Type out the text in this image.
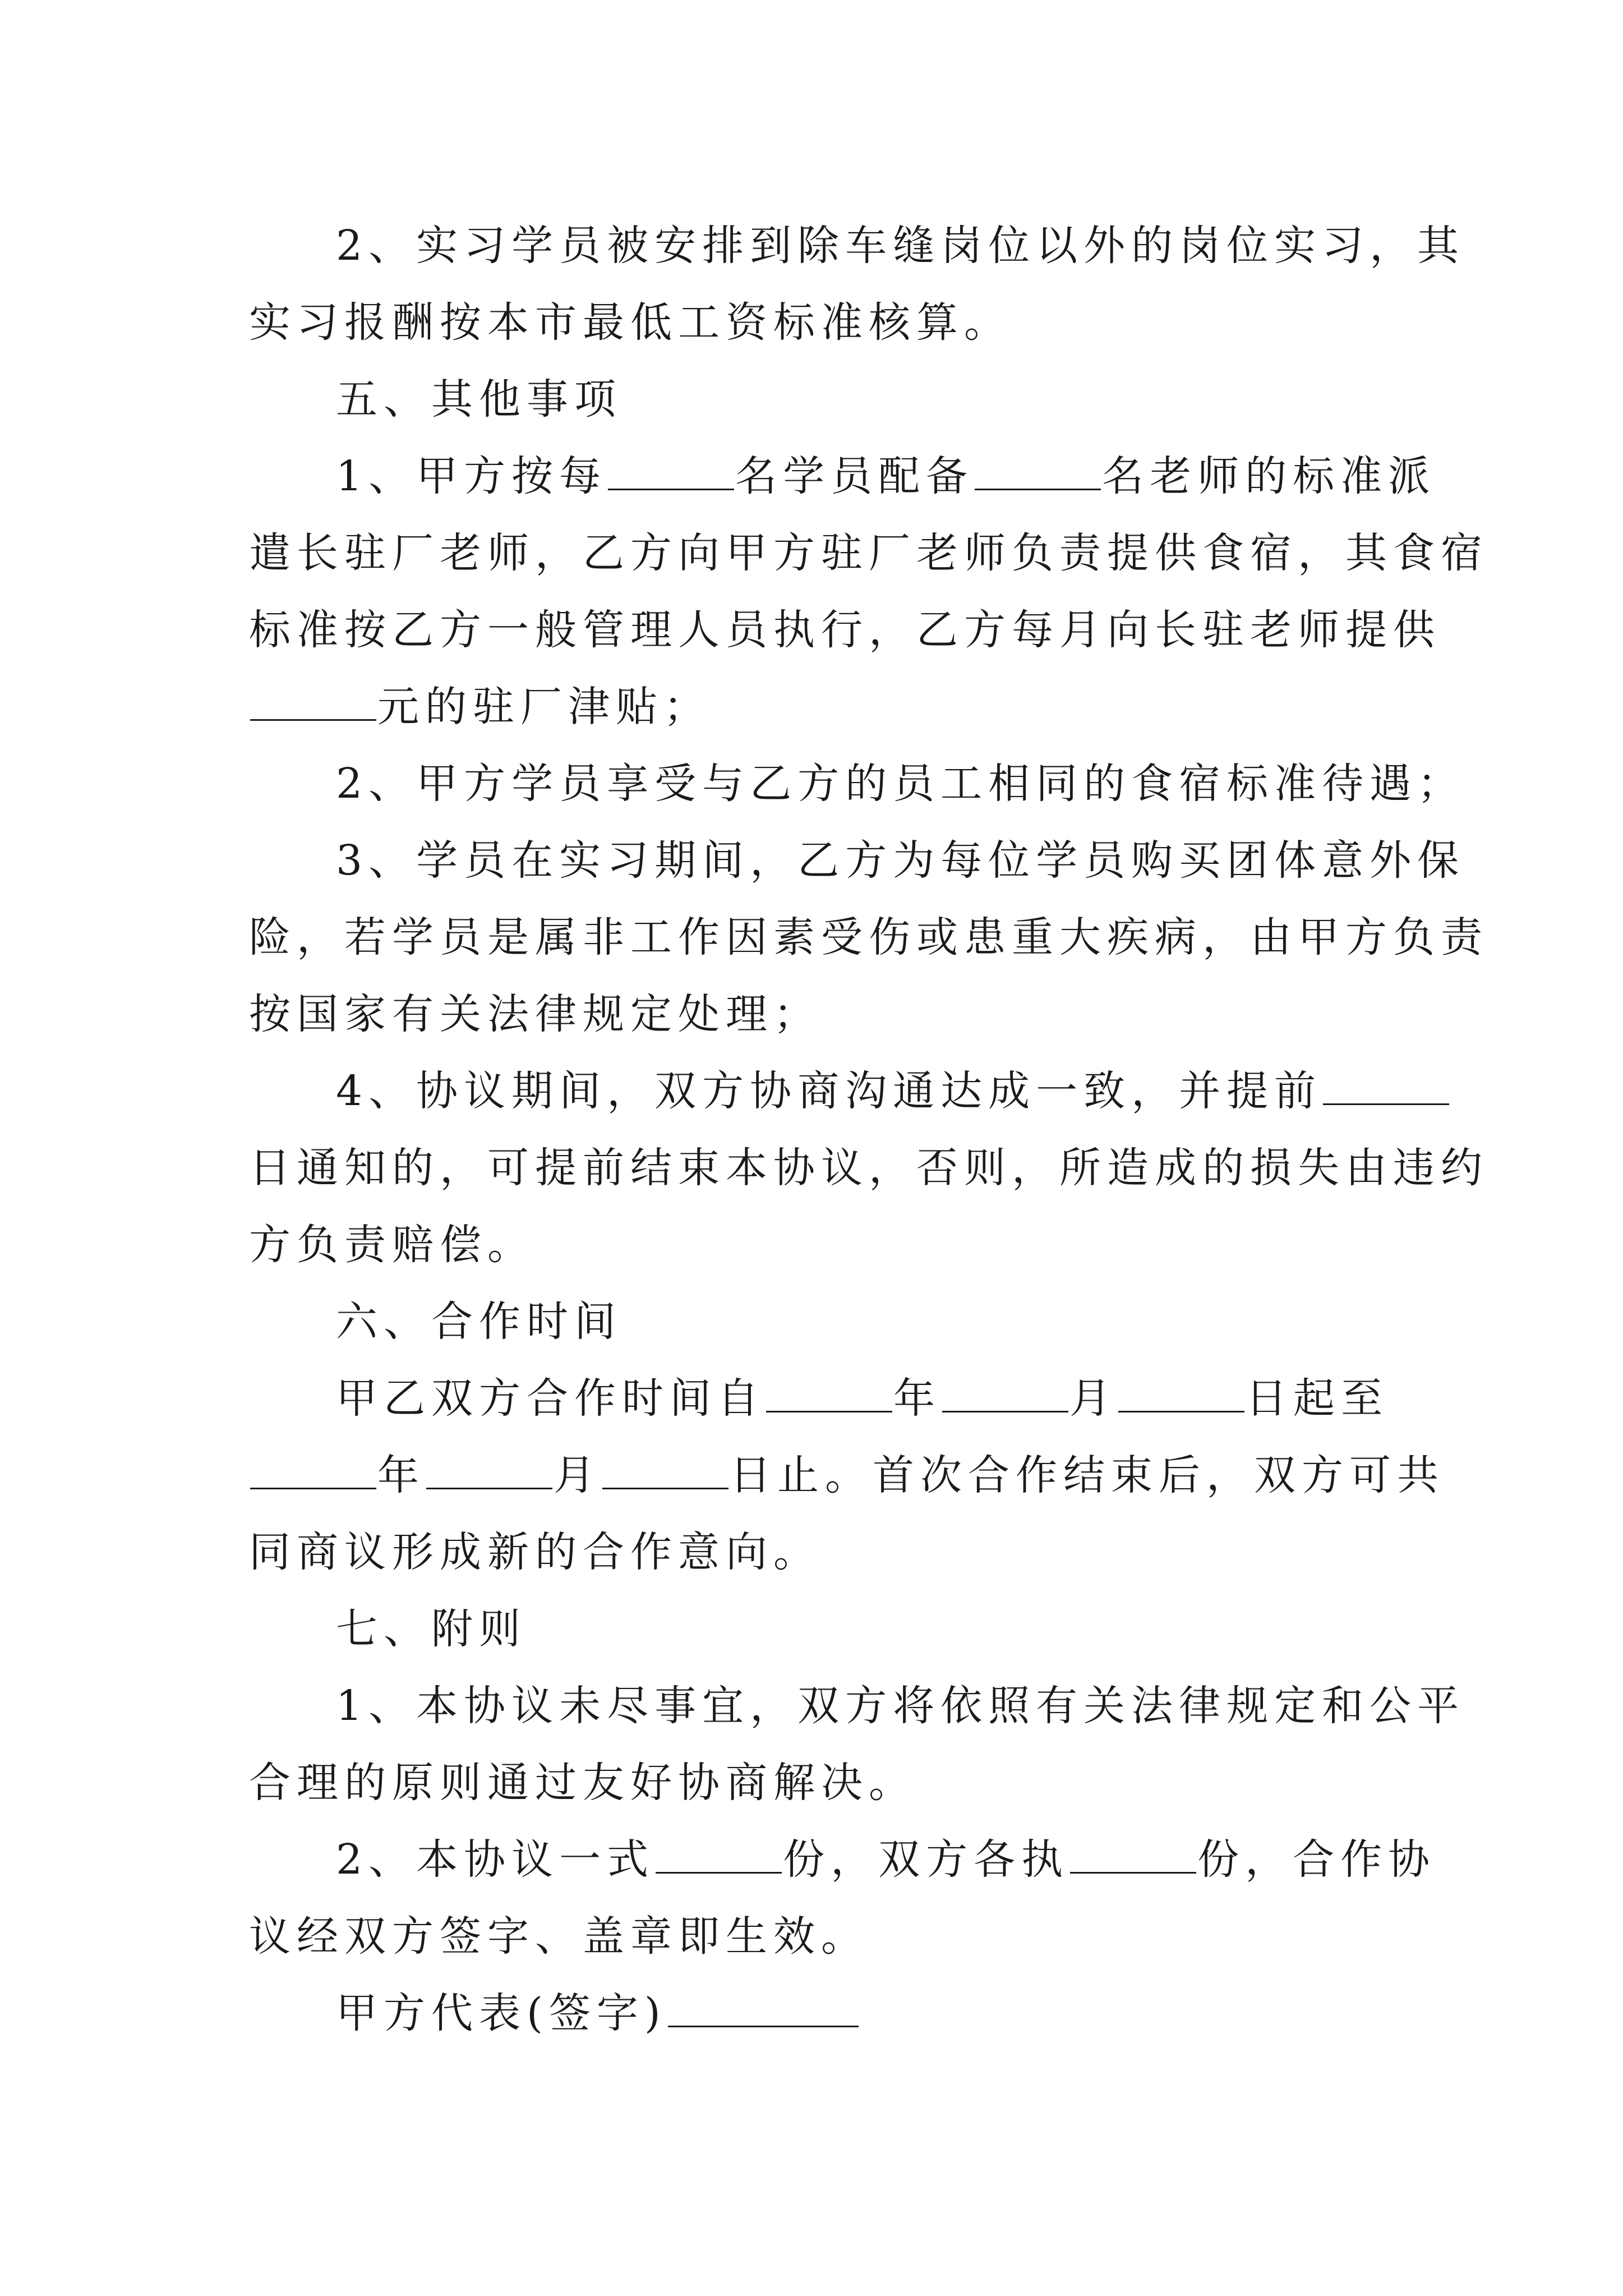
2、实习学员被安排到除车缝岗位以外的岗位实习，其
实习报酬按本市最低工资标准核算。

五、其他事项

1、甲方按每	名学员配备	名老师的标准派
遣长驻厂老师，乙方向甲方驻厂老师负责提供食宿，其食宿
标准按乙方一般管理人员执行，乙方每月向长驻老师提供
元的驻厂津贴；

2、甲方学员享受与乙方的员工相同的食宿标准待遇；

3、学员在实习期间，乙方为每位学员购买团体意外保
险，若学员是属非工作因素受伤或患重大疾病，由甲方负责
按国家有关法律规定处理；

4、协议期间，双方协商沟通达成一致，并提前
日通知的，可提前结束本协议，否则，所造成的损失由违约
方负责赔偿。

六、合作时间

甲乙双方合作时间自	年	月	日起至
年	月	日止。首次合作结束后，双方可共
同商议形成新的合作意向。

七、附则

1、本协议未尽事宜，双方将依照有关法律规定和公平
合理的原则通过友好协商解决。

2、本协议一式	份，双方各执	份，合作协
议经双方签字、盖章即生效。

甲方代表(签字)
